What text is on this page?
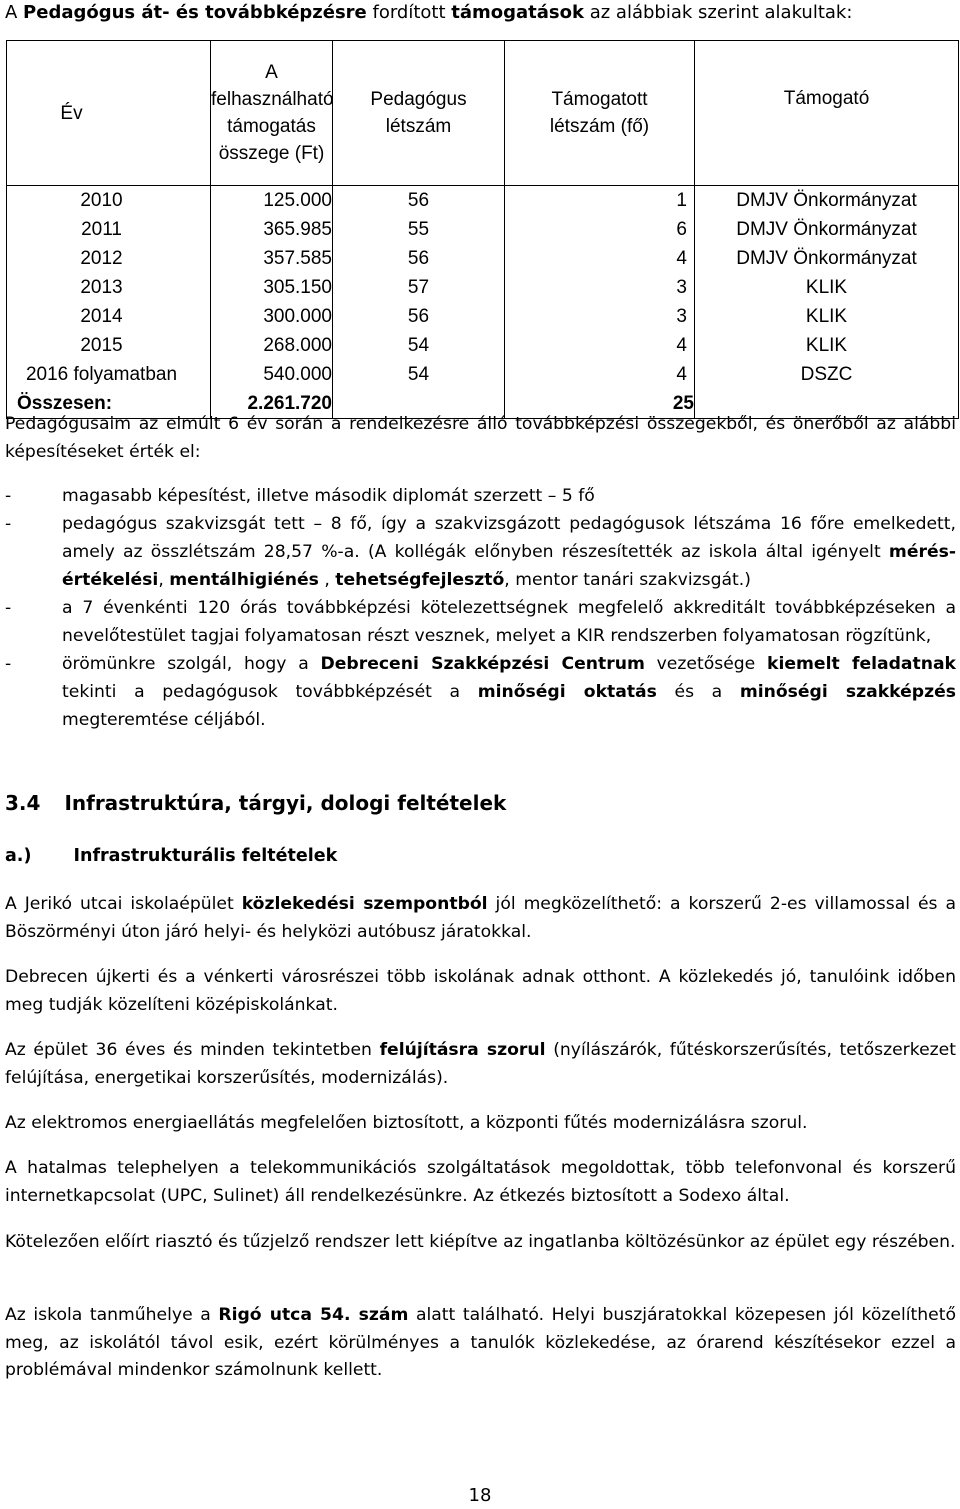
A Pedagógus át- és továbbképzésre fordított támogatások az alábbiak szerint alakultak:
Év	A felhasználható támogatás összege (Ft)	Pedagógus létszám	Támogatott létszám (fő)	Támogató
2010	125.000	56	1	DMJV Önkormányzat
2011	365.985	55	6	DMJV Önkormányzat
2012	357.585	56	4	DMJV Önkormányzat
2013	305.150	57	3	KLIK
2014	300.000	56	3	KLIK
2015	268.000	54	4	KLIK
2016 folyamatban	540.000	54	4	DSZC
Összesen:	2.261.720		25	
Pedagógusaim az elmúlt 6 év során a rendelkezésre álló továbbképzési összegekből, és önerőből az alábbi képesítéseket érték el:
-	magasabb képesítést, illetve második diplomát szerzett – 5 fő
-	pedagógus szakvizsgát tett – 8 fő, így a szakvizsgázott pedagógusok létszáma 16 főre emelkedett, amely az összlétszám 28,57 %-a. (A kollégák előnyben részesítették az iskola által igényelt mérés-értékelési, mentálhigiénés , tehetségfejlesztő, mentor tanári szakvizsgát.)
-	a 7 évenkénti 120 órás továbbképzési kötelezettségnek megfelelő akkreditált továbbképzéseken a nevelőtestület tagjai folyamatosan részt vesznek, melyet a KIR rendszerben folyamatosan rögzítünk,
-	örömünkre szolgál, hogy a Debreceni Szakképzési Centrum vezetősége kiemelt feladatnak tekinti a pedagógusok továbbképzését a minőségi oktatás és a minőségi szakképzés megteremtése céljából.
3.4 Infrastruktúra, tárgyi, dologi feltételek
a.) Infrastrukturális feltételek
A Jerikó utcai iskolaépület közlekedési szempontból jól megközelíthető: a korszerű 2-es villamossal és a Böszörményi úton járó helyi- és helyközi autóbusz járatokkal.
Debrecen újkerti és a vénkerti városrészei több iskolának adnak otthont. A közlekedés jó, tanulóink időben meg tudják közelíteni középiskolánkat.
Az épület 36 éves és minden tekintetben felújításra szorul (nyílászárók, fűtéskorszerűsítés, tetőszerkezet felújítása, energetikai korszerűsítés, modernizálás).
Az elektromos energiaellátás megfelelően biztosított, a központi fűtés modernizálásra szorul.
A hatalmas telephelyen a telekommunikációs szolgáltatások megoldottak, több telefonvonal és korszerű internetkapcsolat (UPC, Sulinet) áll rendelkezésünkre. Az étkezés biztosított a Sodexo által.
Kötelezően előírt riasztó és tűzjelző rendszer lett kiépítve az ingatlanba költözésünkor az épület egy részében.
Az iskola tanműhelye a Rigó utca 54. szám alatt található. Helyi buszjáratokkal közepesen jól közelíthető meg, az iskolától távol esik, ezért körülményes a tanulók közlekedése, az órarend készítésekor ezzel a problémával mindenkor számolnunk kellett.
18
